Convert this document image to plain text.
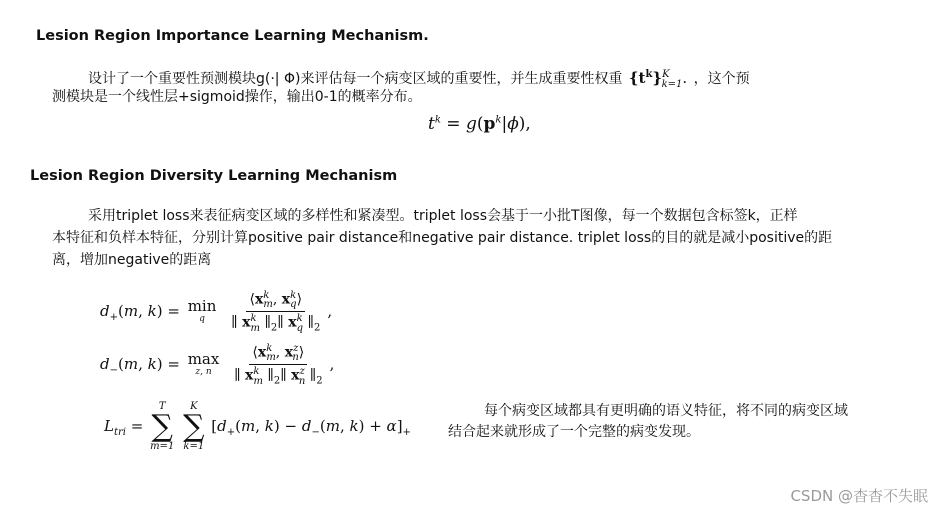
Lesion Region Importance Learning Mechanism.
设计了一个重要性预测模块g(·| Φ)来评估每一个病变区域的重要性，并生成重要性权重 $\{t^k\}^K_{k=1}$. ，这个预
测模块是一个线性层+sigmoid操作，输出0-1的概率分布。
$t^k = g(p^k|\phi)$,
Lesion Region Diversity Learning Mechanism
采用triplet loss来表征病变区域的多样性和紧凑型。triplet loss会基于一小批T图像，每一个数据包含标签k，正样
本特征和负样本特征，分别计算positive pair distance和negative pair distance. triplet loss的目的就是减小positive的距
离，增加negative的距离
$d_+(m$, k) = min
q
$\frac{⟨x^k_m, x^k_q⟩}{\parallel x^k_m \parallel_2\parallel x^k_q \parallel_2}$ ,
$d_-(m$, k) = max
z, n
$\frac{⟨x^k_m, x^z_n⟩}{\parallel x^k_m \parallel_2\parallel x^z_n \parallel_2}$ ,
$L_{tri}$ =
T
∑
m=1

K
∑
k=1
[$d_+(m$, $k) - d_-(m$, $k) + \alpha]_+$
每个病变区域都具有更明确的语义特征，将不同的病变区域
结合起来就形成了一个完整的病变发现。
CSDN @杳杳不失眠
